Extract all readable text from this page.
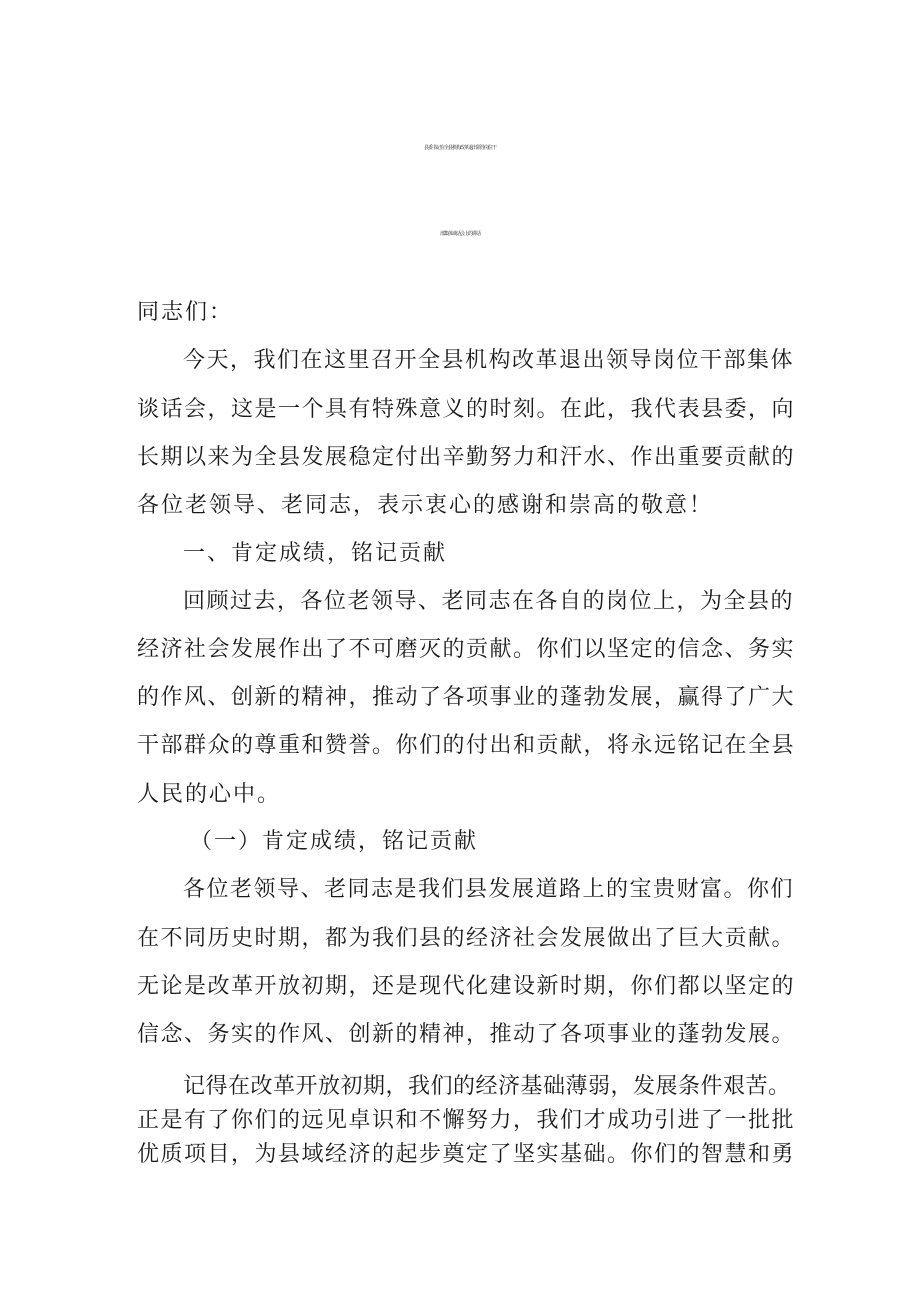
县委书记在全县机构改革退出领导岗位干
部集体谈话会上的讲话
同志们：
今天，我们在这里召开全县机构改革退出领导岗位干部集体
谈话会，这是一个具有特殊意义的时刻。在此，我代表县委，向
长期以来为全县发展稳定付出辛勤努力和汗水、作出重要贡献的
各位老领导、老同志，表示衷心的感谢和崇高的敬意！
一、肯定成绩，铭记贡献
回顾过去，各位老领导、老同志在各自的岗位上，为全县的
经济社会发展作出了不可磨灭的贡献。你们以坚定的信念、务实
的作风、创新的精神，推动了各项事业的蓬勃发展，赢得了广大
干部群众的尊重和赞誉。你们的付出和贡献，将永远铭记在全县
人民的心中。
（一）肯定成绩，铭记贡献
各位老领导、老同志是我们县发展道路上的宝贵财富。你们
在不同历史时期，都为我们县的经济社会发展做出了巨大贡献。
无论是改革开放初期，还是现代化建设新时期，你们都以坚定的
信念、务实的作风、创新的精神，推动了各项事业的蓬勃发展。
记得在改革开放初期，我们的经济基础薄弱，发展条件艰苦。
正是有了你们的远见卓识和不懈努力，我们才成功引进了一批批
优质项目，为县域经济的起步奠定了坚实基础。你们的智慧和勇
